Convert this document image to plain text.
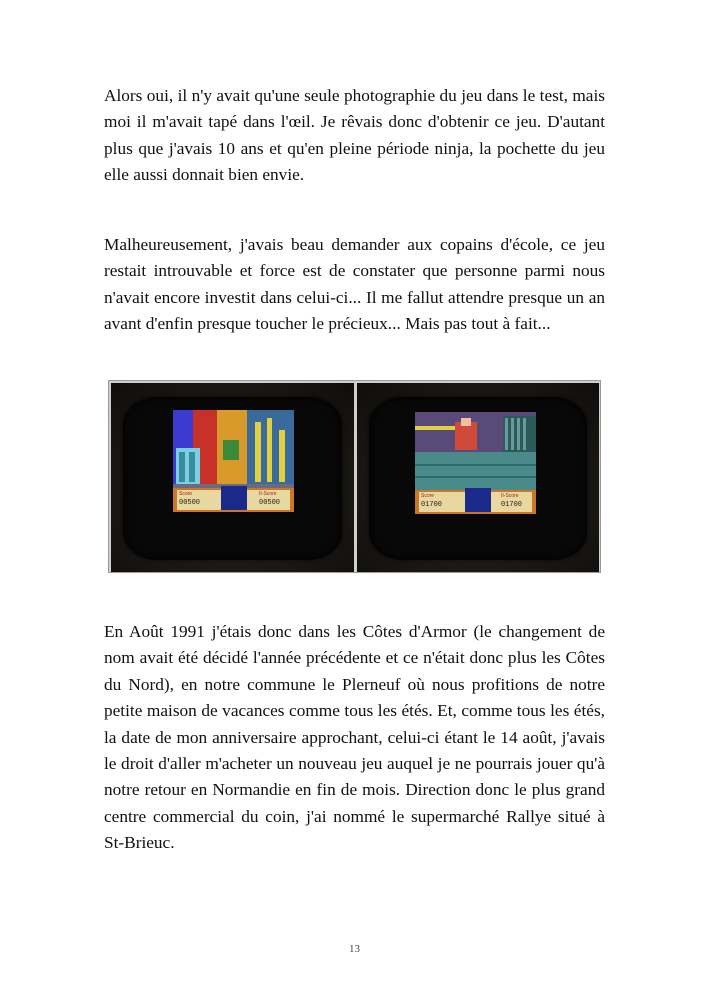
Alors oui, il n'y avait qu'une seule photographie du jeu dans le test, mais moi il m'avait tapé dans l'œil. Je rêvais donc d'obtenir ce jeu. D'autant plus que j'avais 10 ans et qu'en pleine période ninja, la pochette du jeu elle aussi donnait bien envie.

Malheureusement, j'avais beau demander aux copains d'école, ce jeu restait introuvable et force est de constater que personne parmi nous n'avait encore investit dans celui-ci... Il me fallut attendre presque un an avant d'enfin presque toucher le précieux... Mais pas tout à fait...

00500	00500
Score	II-Score
01700	01700
Score	II-Score

En Août 1991 j'étais donc dans les Côtes d'Armor (le changement de nom avait été décidé l'année précédente et ce n'était donc plus les Côtes du Nord), en notre commune le Plerneuf où nous profitions de notre petite maison de vacances comme tous les étés. Et, comme tous les étés, la date de mon anniversaire approchant, celui-ci étant le 14 août, j'avais le droit d'aller m'acheter un nouveau jeu auquel je ne pourrais jouer qu'à notre retour en Normandie en fin de mois. Direction donc le plus grand centre commercial du coin, j'ai nommé le supermarché Rallye situé à St-Brieuc.

13
